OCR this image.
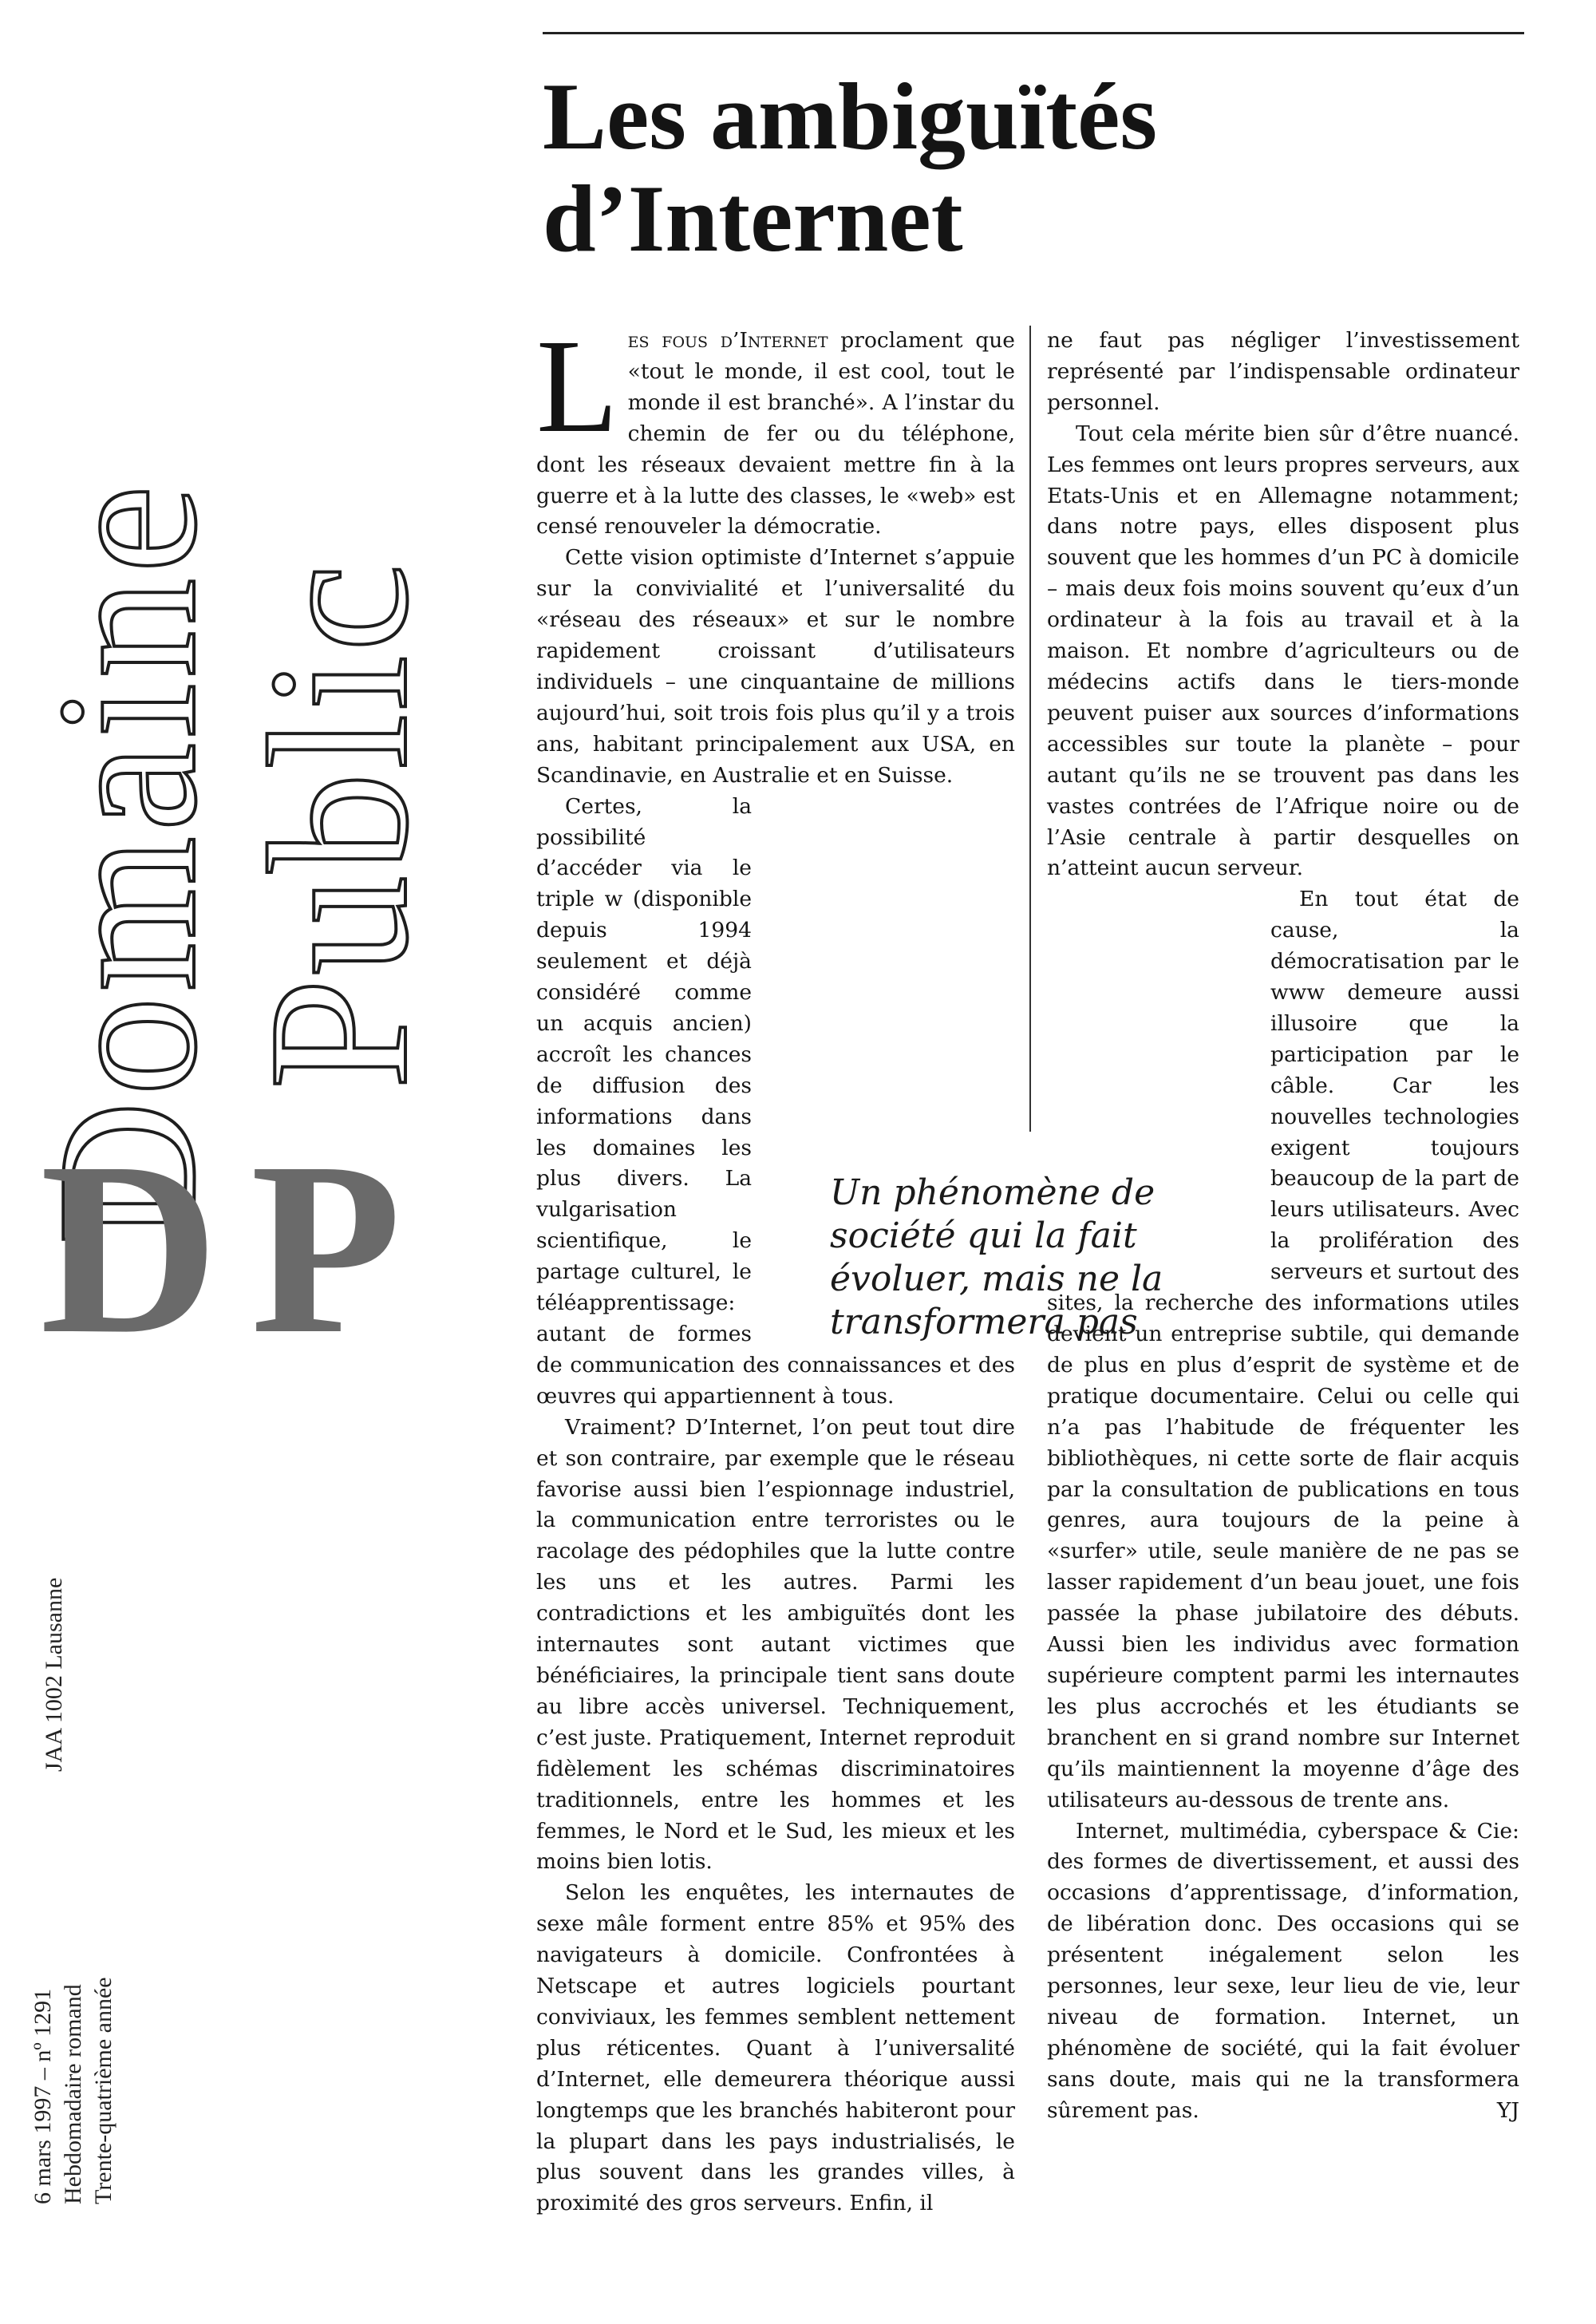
Domaine
Public
DP
JAA 1002 Lausanne
6 mars 1997 – nº 1291 Hebdomadaire romand Trente-quatrième année
Les ambiguïtés
d’Internet

Les fous d’Internet proclament que «tout le monde, il est cool, tout le monde il est branché». A l’instar du chemin de fer ou du téléphone, dont les réseaux devaient mettre fin à la guerre et à la lutte des classes, le «web» est censé renouveler la démocratie.

Cette vision optimiste d’Internet s’appuie sur la convivialité et l’universalité du «réseau des réseaux» et sur le nombre rapidement croissant d’utilisateurs individuels – une cinquantaine de millions aujourd’hui, soit trois fois plus qu’il y a trois ans, habitant principalement aux USA, en Scandinavie, en Australie et en Suisse.

Certes, la possibilité d’accéder via le triple w (disponible depuis 1994 seulement et déjà considéré comme un acquis ancien) accroît les chances de diffusion des informations dans les domaines les plus divers. La vulgarisation scientifique, le partage culturel, le téléapprentissage: autant de formes de communication des connaissances et des œuvres qui appartiennent à tous.

Vraiment? D’Internet, l’on peut tout dire et son contraire, par exemple que le réseau favorise aussi bien l’espionnage industriel, la communication entre terroristes ou le racolage des pédophiles que la lutte contre les uns et les autres. Parmi les contradictions et les ambiguïtés dont les internautes sont autant victimes que bénéficiaires, la principale tient sans doute au libre accès universel. Techniquement, c’est juste. Pratiquement, Internet reproduit fidèlement les schémas discriminatoires traditionnels, entre les hommes et les femmes, le Nord et le Sud, les mieux et les moins bien lotis.

Selon les enquêtes, les internautes de sexe mâle forment entre 85% et 95% des navigateurs à domicile. Confrontées à Netscape et autres logiciels pourtant conviviaux, les femmes semblent nettement plus réticentes. Quant à l’universalité d’Internet, elle demeurera théorique aussi longtemps que les branchés habiteront pour la plupart dans les pays industrialisés, le plus souvent dans les grandes villes, à proximité des gros serveurs. Enfin, il

ne faut pas négliger l’investissement représenté par l’indispensable ordinateur personnel.

Tout cela mérite bien sûr d’être nuancé. Les femmes ont leurs propres serveurs, aux Etats-Unis et en Allemagne notamment; dans notre pays, elles disposent plus souvent que les hommes d’un PC à domicile – mais deux fois moins souvent qu’eux d’un ordinateur à la fois au travail et à la maison. Et nombre d’agriculteurs ou de médecins actifs dans le tiers-monde peuvent puiser aux sources d’informations accessibles sur toute la planète – pour autant qu’ils ne se trouvent pas dans les vastes contrées de l’Afrique noire ou de l’Asie centrale à partir desquelles on n’atteint aucun serveur.

En tout état de cause, la démocratisation par le www demeure aussi illusoire que la participation par le câble. Car les nouvelles technologies exigent toujours beaucoup de la part de leurs utilisateurs. Avec la prolifération des serveurs et surtout des sites, la recherche des informations utiles devient un entreprise subtile, qui demande de plus en plus d’esprit de système et de pratique documentaire. Celui ou celle qui n’a pas l’habitude de fréquenter les bibliothèques, ni cette sorte de flair acquis par la consultation de publications en tous genres, aura toujours de la peine à «surfer» utile, seule manière de ne pas se lasser rapidement d’un beau jouet, une fois passée la phase jubilatoire des débuts. Aussi bien les individus avec formation supérieure comptent parmi les internautes les plus accrochés et les étudiants se branchent en si grand nombre sur Internet qu’ils maintiennent la moyenne d’âge des utilisateurs au-dessous de trente ans.

Internet, multimédia, cyberspace & Cie: des formes de divertissement, et aussi des occasions d’apprentissage, d’information, de libération donc. Des occasions qui se présentent inégalement selon les personnes, leur sexe, leur lieu de vie, leur niveau de formation. Internet, un phénomène de société, qui la fait évoluer sans doute, mais qui ne la transformera sûrement pas.	YJ

Un phénomène de
société qui la fait
évoluer, mais ne la
transformera pas
